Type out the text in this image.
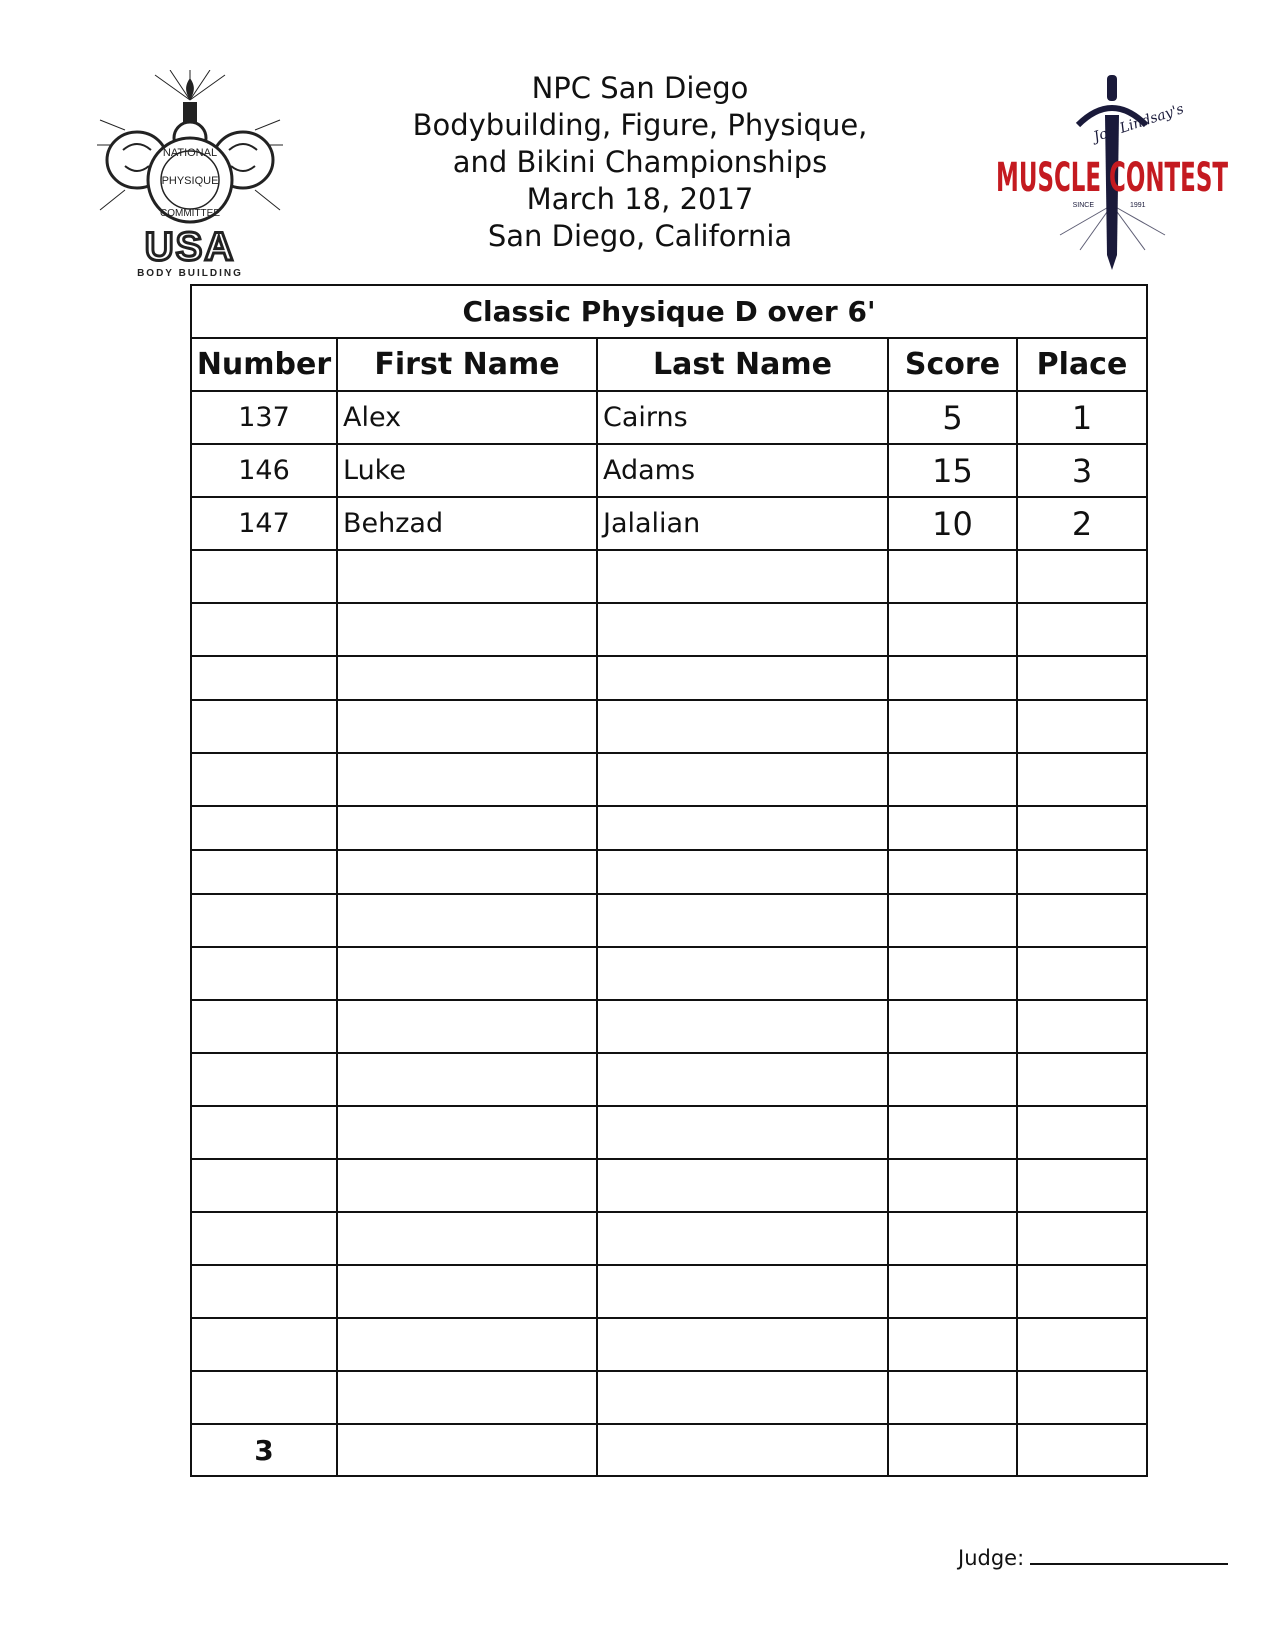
NPC San Diego
Bodybuilding, Figure, Physique,
and Bikini Championships
March 18, 2017
San Diego, California
NATIONAL
PHYSIQUE
COMMITTEE
USA
BODY BUILDING
Jon Lindsay's
MUSCLE CONTEST
SINCE	1991
Classic Physique D over 6'				
Number	First Name	Last Name	Score	Place
137	Alex	Cairns	5	1
146	Luke	Adams	15	3
147	Behzad	Jalalian	10	2

3				
Judge:
